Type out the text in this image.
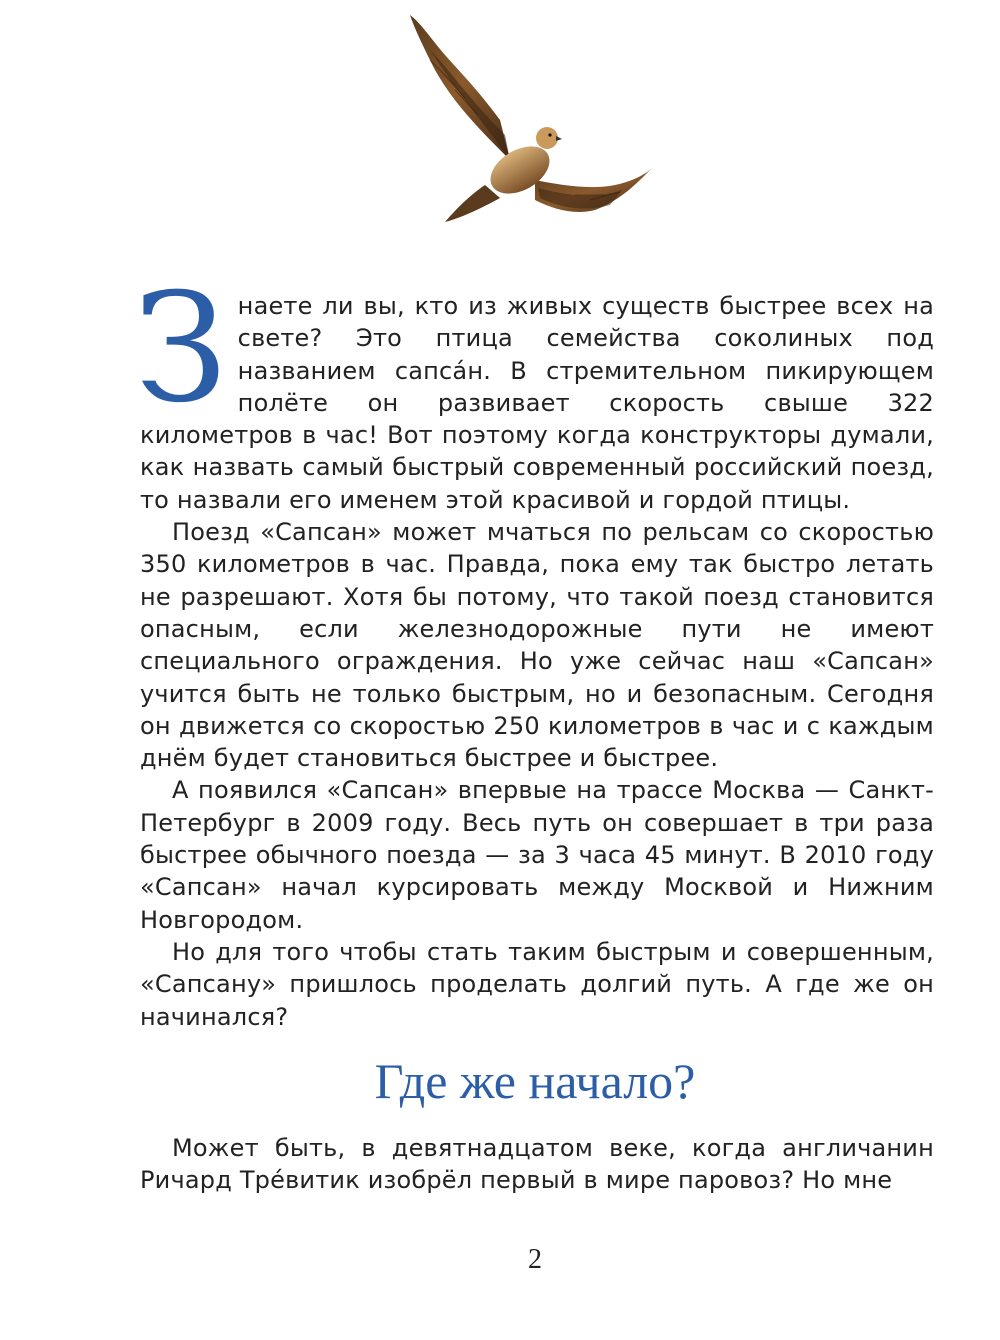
Знаете ли вы, кто из живых существ быстрее всех на свете? Это птица семейства соколиных под названием сапсáн. В стремительном пикирующем полёте он развивает скорость свыше 322 километров в час! Вот поэтому когда конструкторы думали, как назвать самый быстрый современный российский поезд, то назвали его именем этой красивой и гордой птицы.

Поезд «Сапсан» может мчаться по рельсам со скоростью 350 километров в час. Правда, пока ему так быстро летать не разрешают. Хотя бы потому, что такой поезд становится опасным, если железнодорожные пути не имеют специального ограждения. Но уже сейчас наш «Сапсан» учится быть не только быстрым, но и безопасным. Сегодня он движется со скоростью 250 километров в час и с каждым днём будет становиться быстрее и быстрее.

А появился «Сапсан» впервые на трассе Москва — Санкт-Петербург в 2009 году. Весь путь он совершает в три раза быстрее обычного поезда — за 3 часа 45 минут. В 2010 году «Сапсан» начал курсировать между Москвой и Нижним Новгородом.

Но для того чтобы стать таким быстрым и совершенным, «Сапсану» пришлось проделать долгий путь. А где же он начинался?

Где же начало?

Может быть, в девятнадцатом веке, когда англичанин Ричард Трéвитик изобрёл первый в мире паровоз? Но мне

2
